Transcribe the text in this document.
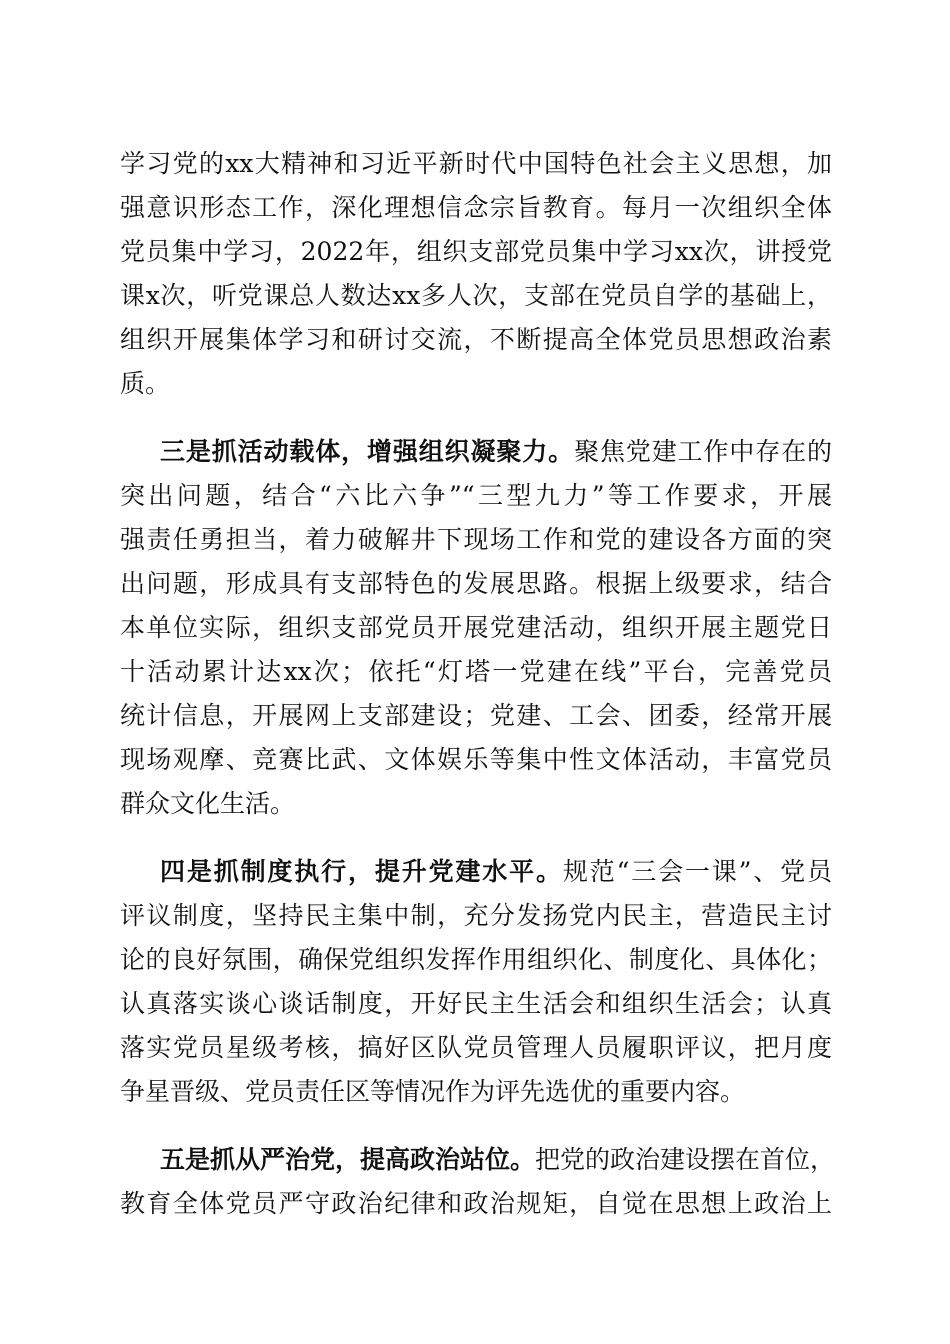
学习党的xx大精神和习近平新时代中国特色社会主义思想，加
强意识形态工作，深化理想信念宗旨教育。每月一次组织全体
党员集中学习，2022年，组织支部党员集中学习xx次，讲授党
课x次，听党课总人数达xx多人次，支部在党员自学的基础上，
组织开展集体学习和研讨交流，不断提高全体党员思想政治素
质。
三是抓活动载体，增强组织凝聚力。聚焦党建工作中存在的
突出问题，结合“六比六争”“三型九力”等工作要求，开展
强责任勇担当，着力破解井下现场工作和党的建设各方面的突
出问题，形成具有支部特色的发展思路。根据上级要求，结合
本单位实际，组织支部党员开展党建活动，组织开展主题党日
十活动累计达xx次；依托“灯塔一党建在线”平台，完善党员
统计信息，开展网上支部建设；党建、工会、团委，经常开展
现场观摩、竞赛比武、文体娱乐等集中性文体活动，丰富党员
群众文化生活。
四是抓制度执行，提升党建水平。规范“三会一课”、党员
评议制度，坚持民主集中制，充分发扬党内民主，营造民主讨
论的良好氛围，确保党组织发挥作用组织化、制度化、具体化；
认真落实谈心谈话制度，开好民主生活会和组织生活会；认真
落实党员星级考核，搞好区队党员管理人员履职评议，把月度
争星晋级、党员责任区等情况作为评先选优的重要内容。
五是抓从严治党，提高政治站位。把党的政治建设摆在首位，
教育全体党员严守政治纪律和政治规矩，自觉在思想上政治上
